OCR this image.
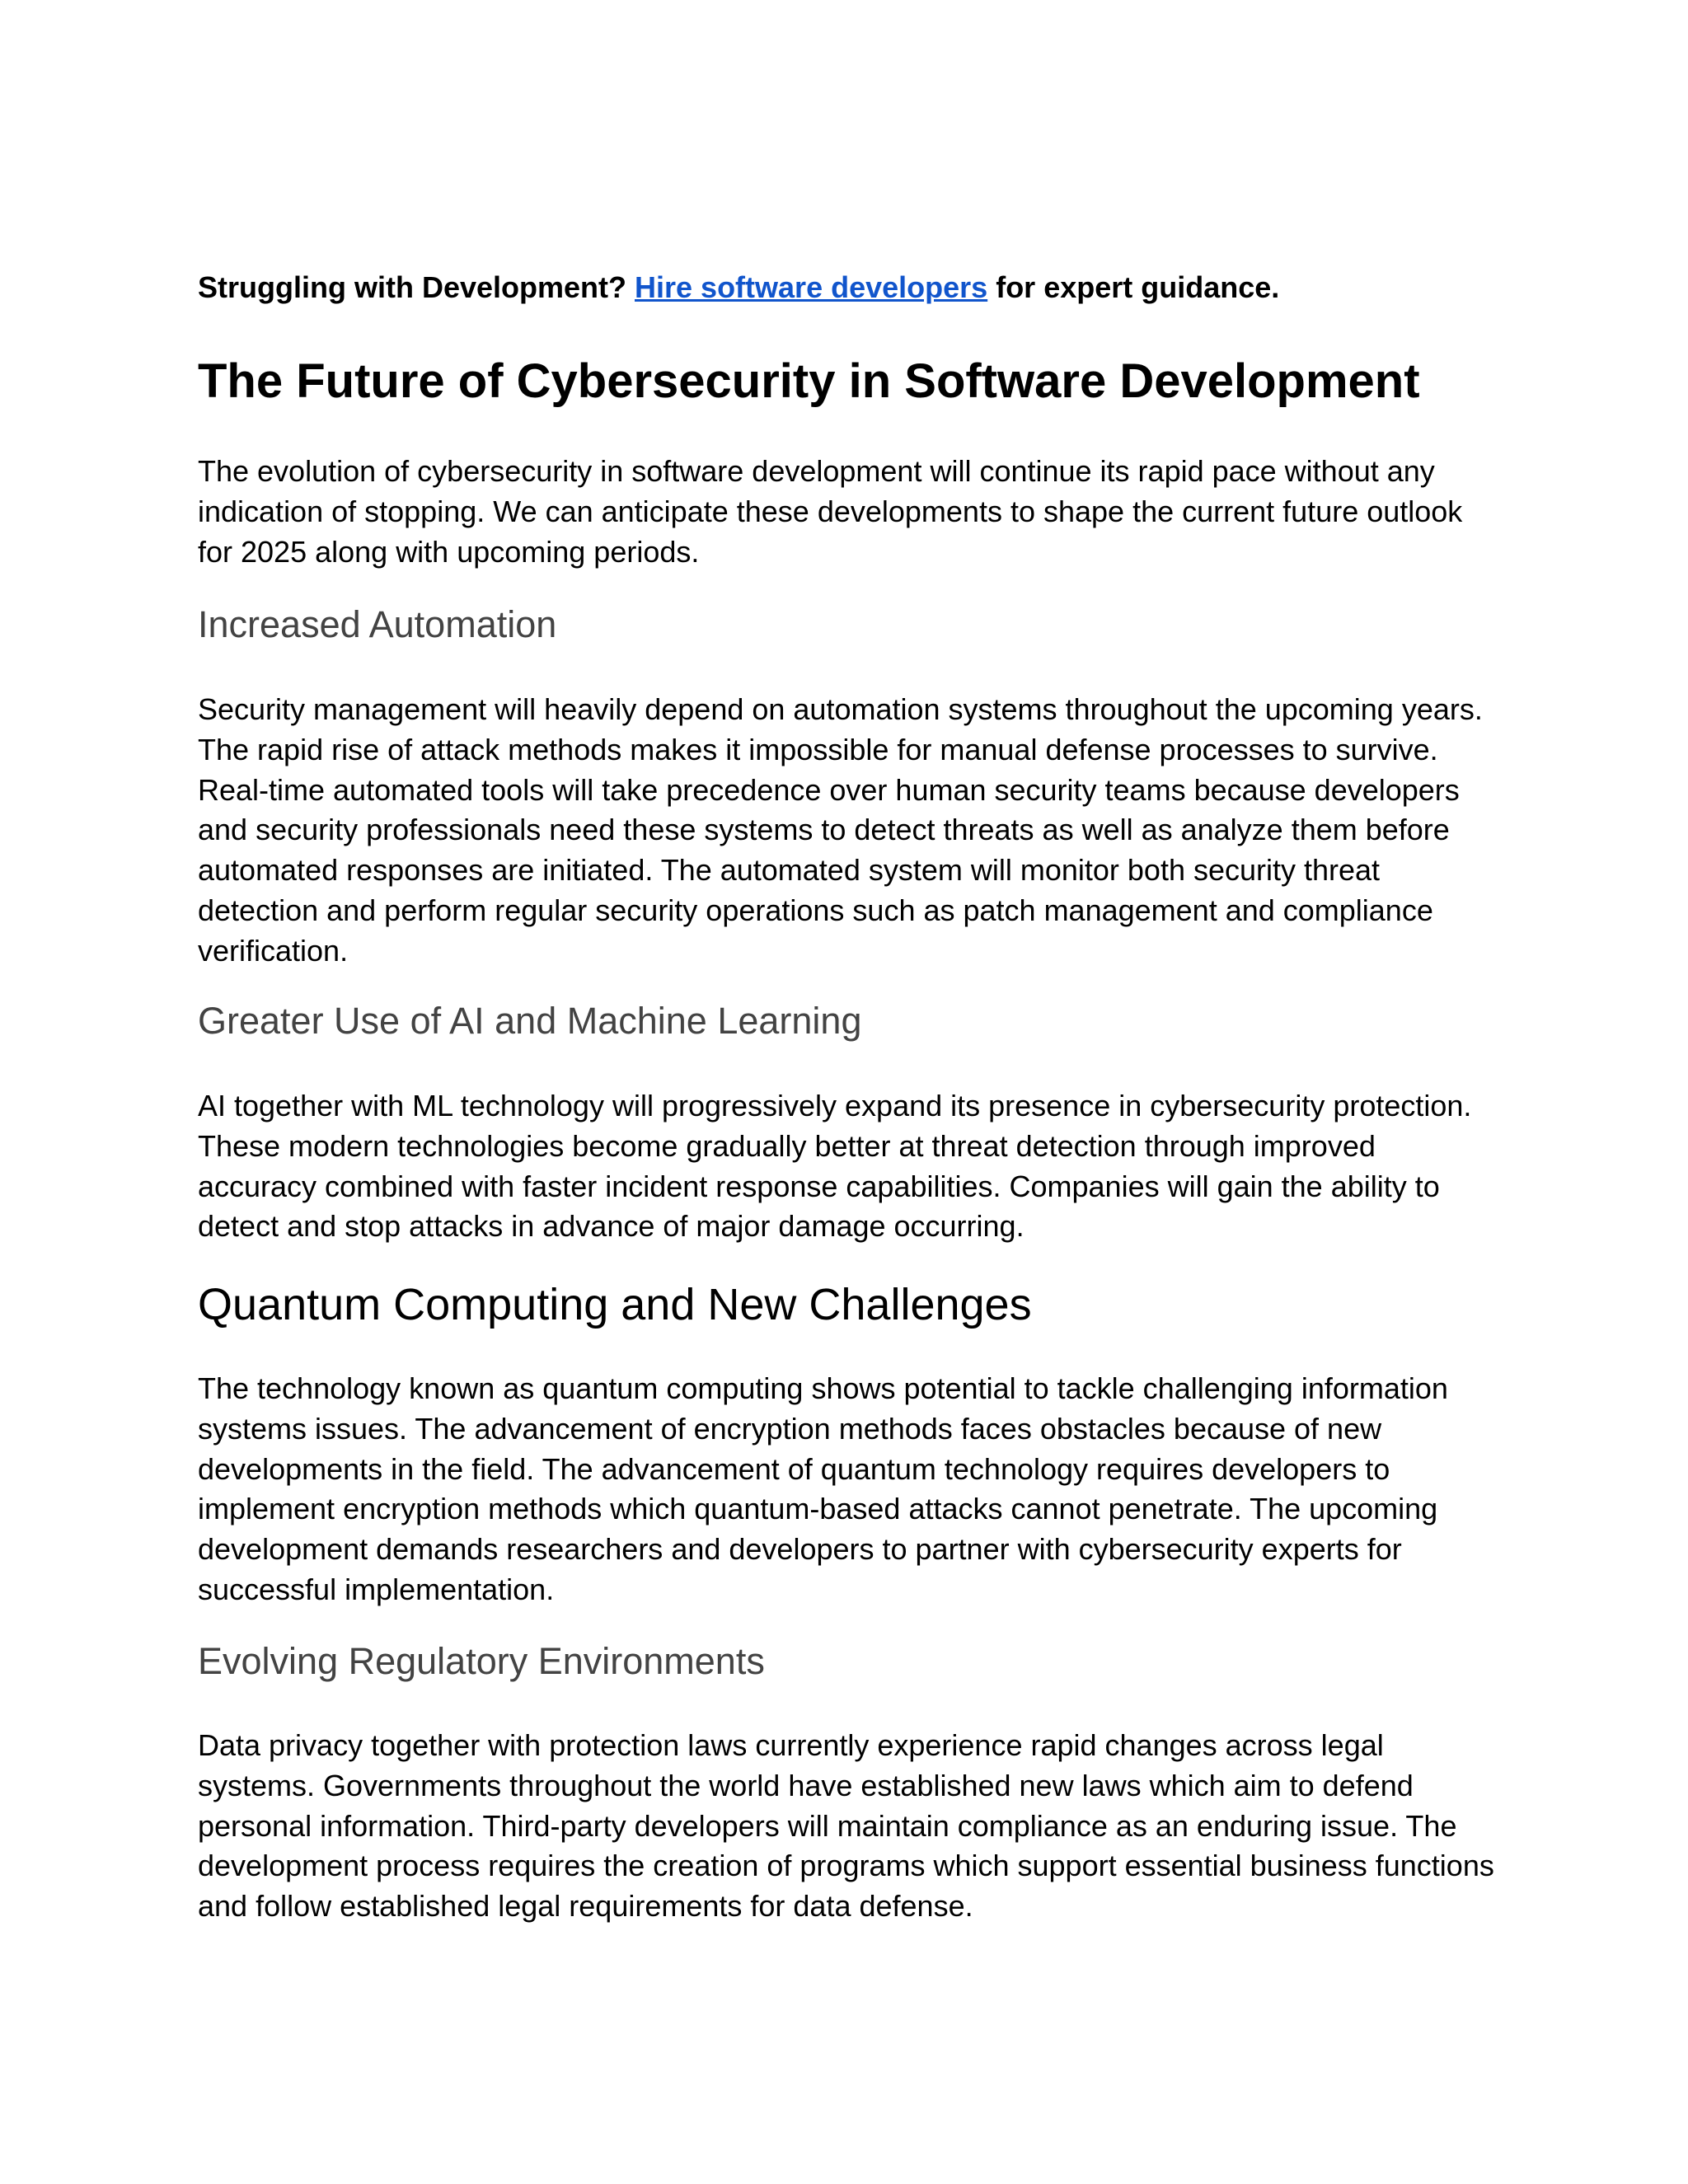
Struggling with Development? Hire software developers for expert guidance.
The Future of Cybersecurity in Software Development

The evolution of cybersecurity in software development will continue its rapid pace without any indication of stopping. We can anticipate these developments to shape the current future outlook for 2025 along with upcoming periods.

Increased Automation

Security management will heavily depend on automation systems throughout the upcoming years. The rapid rise of attack methods makes it impossible for manual defense processes to survive. Real-time automated tools will take precedence over human security teams because developers and security professionals need these systems to detect threats as well as analyze them before automated responses are initiated. The automated system will monitor both security threat detection and perform regular security operations such as patch management and compliance verification.

Greater Use of AI and Machine Learning

AI together with ML technology will progressively expand its presence in cybersecurity protection. These modern technologies become gradually better at threat detection through improved accuracy combined with faster incident response capabilities. Companies will gain the ability to detect and stop attacks in advance of major damage occurring.

Quantum Computing and New Challenges

The technology known as quantum computing shows potential to tackle challenging information systems issues. The advancement of encryption methods faces obstacles because of new developments in the field. The advancement of quantum technology requires developers to implement encryption methods which quantum-based attacks cannot penetrate. The upcoming development demands researchers and developers to partner with cybersecurity experts for successful implementation.

Evolving Regulatory Environments

Data privacy together with protection laws currently experience rapid changes across legal systems. Governments throughout the world have established new laws which aim to defend personal information. Third-party developers will maintain compliance as an enduring issue. The development process requires the creation of programs which support essential business functions and follow established legal requirements for data defense.
